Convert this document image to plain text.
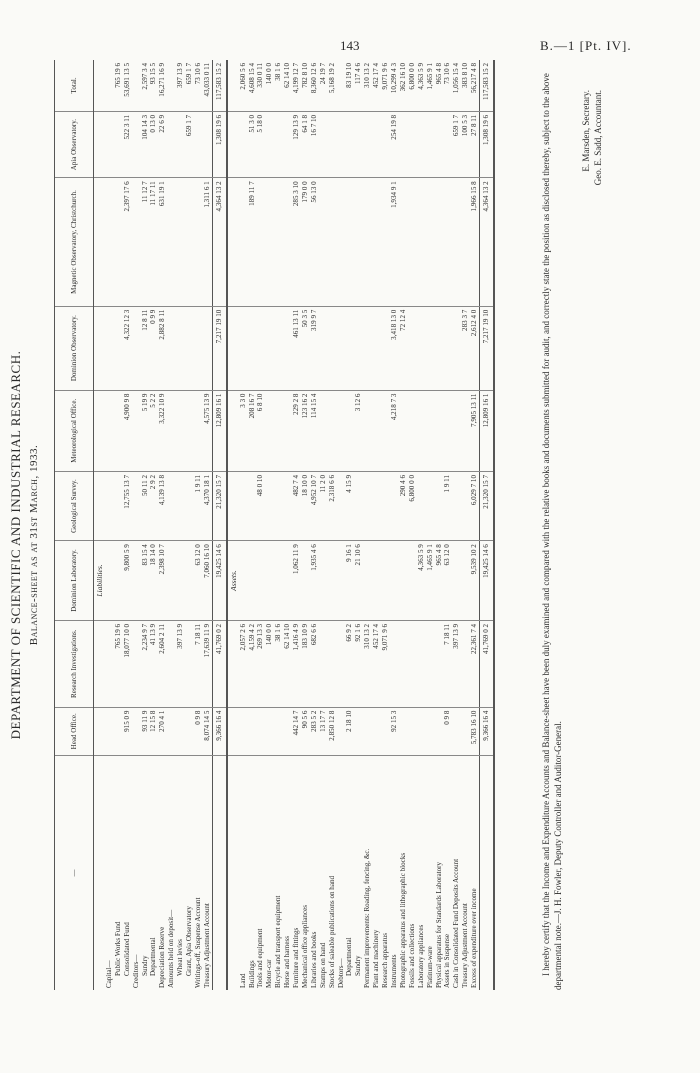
143	B.—1 [Pt. IV].
DEPARTMENT OF SCIENTIFIC AND INDUSTRIAL RESEARCH. Balance-sheet as at 31st March, 1933.
—	Head Office.	Research Investigations.	Dominion Laboratory.	Geological Survey.	Meteorological Office.	Dominion Observatory.	Magnetic Observatory, Christchurch.	Apia Observatory.	Total.
			Liabilities.						
Capital—									
Public Works Fund		765 19 6							765 19 6
Consolidated Fund	915 0 9	18,077 10 0	9,800 5 9	12,755 13 7	4,900 9 8	4,322 12 3	2,397 17 6	522 3 11	53,691 13 5
Creditors—									
Sundry	93 11 9	2,234 9 7	83 15 4	50 11 2	5 19 9	12 8 11	11 12 7	104 14 3	2,597 3 4
Departmental	12 15 8	41 13 9	18 14 0	2 9 2	5 2 2	0 9 9	11 17 11	0 13 0	93 15 5
Depreciation Reserve	270 4 1	2,604 2 11	2,398 10 7	4,139 13 8	3,322 10 9	2,882 8 11	631 19 1	22 6 9	16,271 16 9
Amounts held on deposit—									
Wheat levies		397 13 9							397 13 9
Grant, Apia Observatory								659 1 7	659 1 7
Writings-off, Suspense Account	0 9 8	7 18 11	63 12 0	1 9 11					73 10 6
Treasury Adjustment Account	8,074 14 5	17,639 11 9	7,060 16 10	4,370 18 1	4,575 13 9		1,311 6 1		43,033 0 11
	9,366 16 4	41,769 0 2	19,425 14 6	21,320 15 7	12,809 16 1	7,217 19 10	4,364 13 2	1,308 19 6	117,583 15 2
			Assets.						
Land		2,057 2 6			3 3 0				2,060 5 6
Buildings		4,159 4 2			208 16 7		189 11 7	51 3 0	4,608 15 4
Tools and equipment		269 13 3		48 0 10	6 8 10			5 18 0	330 0 11
Motor-car		140 0 0							140 0 0
Bicycle and transport equipment		38 1 6							38 1 6
Horse and harness		62 14 10							62 14 10
Furniture and fittings	442 14 7	1,416 4 9	1,062 11 9	482 7 4	229 2 8	461 13 11	285 3 10	129 13 9	4,199 12 7
Mechanical office appliances	90 5 6	183 10 9		18 10 0	123 16 2	50 3 5	179 0 0	64 1 8	782 8 10
Libraries and books	283 5 2	682 6 6	1,935 4 6	4,952 10 7	114 15 4	319 9 7	56 13 0	16 7 10	8,360 12 6
Stamps on hand	13 17 7			11 2 0					24 19 7
Stocks of saleable publications on hand	2,850 12 8			2,318 6 6					5,168 19 2
Debtors—									
Departmental	2 18 10	66 9 2	9 16 1	4 15 9					83 19 10
Sundry		92 1 6	21 10 6		3 12 6				117 4 6
Permanent improvements: Roading, fencing, &c.		310 13 2							310 13 2
Plant and machinery		452 17 4							452 17 4
Research apparatus		9,071 9 6							9,071 9 6
Instruments	92 15 3				4,218 7 3	3,418 13 0	1,934 9 1	254 19 8	10,299 4 3
Photographic apparatus and lithographic blocks				290 4 6		72 12 4			362 16 10
Fossils and collections				6,800 0 0					6,800 0 0
Laboratory appliances			4,363 5 9						4,363 5 9
Platinum-ware			1,465 9 1						1,465 9 1
Physical apparatus for Standards Laboratory			965 4 8						965 4 8
Assets in Suspense	0 9 8	7 18 11	63 12 0	1 9 11					73 10 6
Cash in Consolidated Fund Deposits Account		397 13 9						659 1 7	1,056 15 4
Treasury Adjustment Account						283 3 7		100 5 3	383 8 10
Excess of expenditure over income	5,783 16 10	22,361 7 4	9,539 10 2	6,029 7 10	7,905 13 11	2,612 4 0	1,966 15 8	27 8 11	56,217 4 8
	9,366 16 4	41,769 0 2	19,425 14 6	21,320 15 7	12,809 16 1	7,217 19 10	4,364 13 2	1,308 19 6	117,583 15 2
E. Marsden, Secretary. Geo. E. Sadd, Accountant.
I hereby certify that the Income and Expenditure Accounts and Balance-sheet have been duly examined and compared with the relative books and documents submitted for audit, and correctly state the position as disclosed thereby, subject to the above departmental note.—J. H. Fowler, Deputy Controller and Auditor-General.
